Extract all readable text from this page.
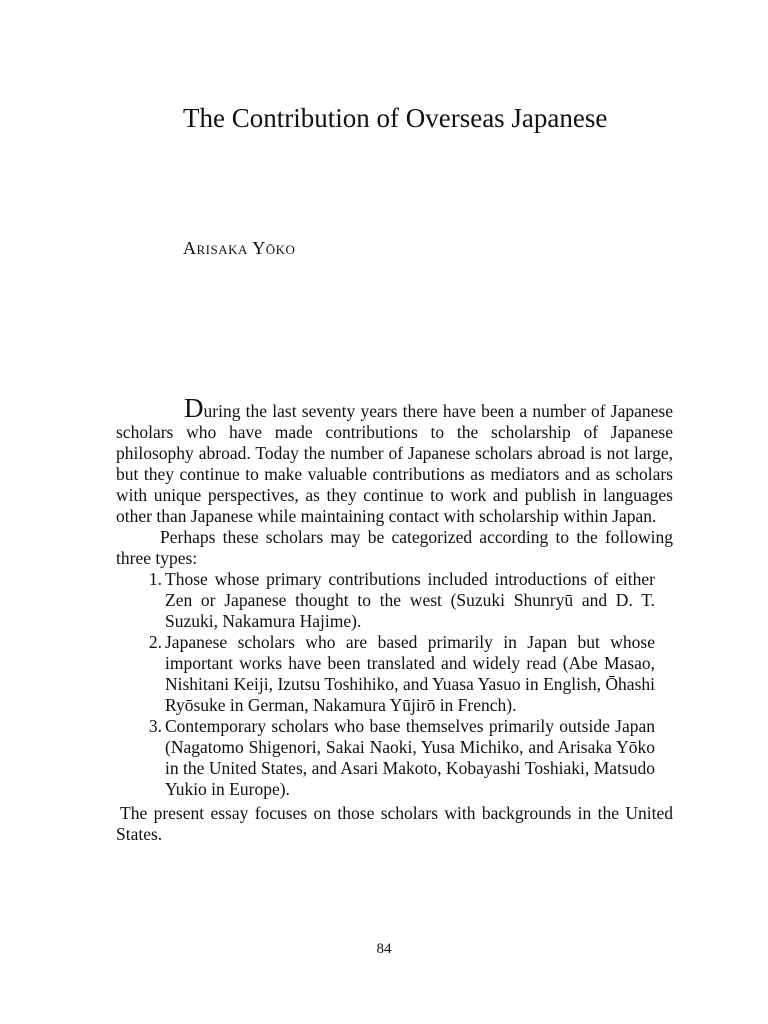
The Contribution of Overseas Japanese
Arisaka Yōko

During the last seventy years there have been a number of Japanese scholars who have made contributions to the scholarship of Japanese philosophy abroad. Today the number of Japanese scholars abroad is not large, but they continue to make valuable contributions as mediators and as scholars with unique perspectives, as they continue to work and publish in languages other than Japanese while maintaining contact with scholarship within Japan.

Perhaps these scholars may be categorized according to the following three types:

1. Those whose primary contributions included introductions of either Zen or Japanese thought to the west (Suzuki Shunryū and D. T. Suzuki, Nakamura Hajime).
2. Japanese scholars who are based primarily in Japan but whose important works have been translated and widely read (Abe Masao, Nishitani Keiji, Izutsu Toshihiko, and Yuasa Yasuo in English, Ōhashi Ryōsuke in German, Nakamura Yūjirō in French).
3. Contemporary scholars who base themselves primarily outside Japan (Nagatomo Shigenori, Sakai Naoki, Yusa Michiko, and Arisaka Yōko in the United States, and Asari Makoto, Kobayashi Toshiaki, Matsudo Yukio in Europe).

The present essay focuses on those scholars with backgrounds in the United States.

84
